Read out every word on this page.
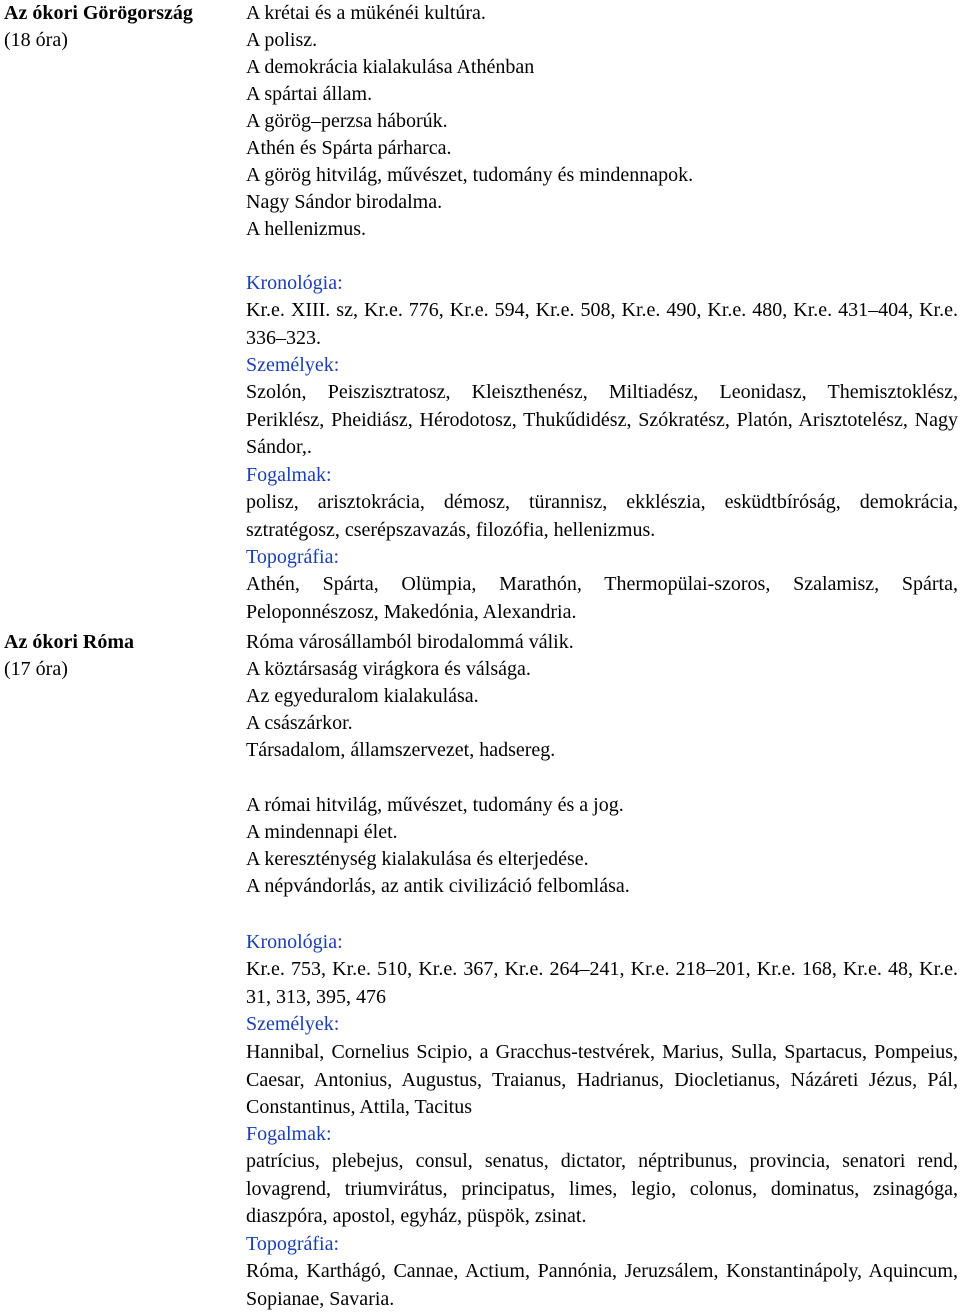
Az ókori Görögország
(18 óra)
A krétai és a mükénéi kultúra.
A polisz.
A demokrácia kialakulása Athénban
A spártai állam.
A görög–perzsa háborúk.
Athén és Spárta párharca.
A görög hitvilág, művészet, tudomány és mindennapok.
Nagy Sándor birodalma.
A hellenizmus.
Kronológia:
Kr.e. XIII. sz, Kr.e. 776, Kr.e. 594, Kr.e. 508, Kr.e. 490, Kr.e. 480, Kr.e. 431–404, Kr.e. 336–323.
Személyek:
Szolón, Peiszisztratosz, Kleiszthenész, Miltiadész, Leonidasz, Themisztoklész, Periklész, Pheidiász, Hérodotosz, Thukűdidész, Szókratész, Platón, Arisztotelész, Nagy Sándor,.
Fogalmak:
polisz, arisztokrácia, démosz, türannisz, ekklészia, esküdtbíróság, demokrácia, sztratégosz, cserépszavazás, filozófia, hellenizmus.
Topográfia:
Athén, Spárta, Olümpia, Marathón, Thermopülai-szoros, Szalamisz, Spárta, Peloponnészosz, Makedónia, Alexandria.
Az ókori Róma
(17 óra)
Róma városállamból birodalommá válik.
A köztársaság virágkora és válsága.
Az egyeduralom kialakulása.
A császárkor.
Társadalom, államszervezet, hadsereg.
A római hitvilág, művészet, tudomány és a jog.
A mindennapi élet.
A kereszténység kialakulása és elterjedése.
A népvándorlás, az antik civilizáció felbomlása.
Kronológia:
Kr.e. 753, Kr.e. 510, Kr.e. 367, Kr.e. 264–241, Kr.e. 218–201, Kr.e. 168, Kr.e. 48, Kr.e. 31, 313, 395, 476
Személyek:
Hannibal, Cornelius Scipio, a Gracchus-testvérek, Marius, Sulla, Spartacus, Pompeius, Caesar, Antonius, Augustus, Traianus, Hadrianus, Diocletianus, Názáreti Jézus, Pál, Constantinus, Attila, Tacitus
Fogalmak:
patrícius, plebejus, consul, senatus, dictator, néptribunus, provincia, senatori rend, lovagrend, triumvirátus, principatus, limes, legio, colonus, dominatus, zsinagóga, diaszpóra, apostol, egyház, püspök, zsinat.
Topográfia:
Róma, Karthágó, Cannae, Actium, Pannónia, Jeruzsálem, Konstantinápoly, Aquincum, Sopianae, Savaria.
